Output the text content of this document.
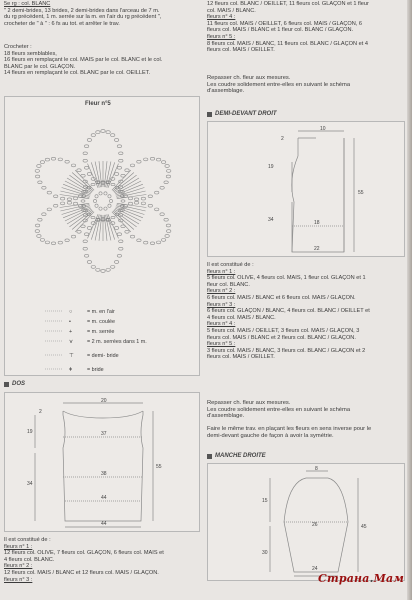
5e rg : col. BLANC

" 2 demi-brides, 13 brides, 2 demi-brides dans l'arceau de 7 m.

du rg précédent, 1 m. serrée sur la m. en l'air du rg précédent ",

crocheter de " à " : 6 fs au tot. et arrêter le trav.

Crocheter :

18 fleurs semblables,

16 fleurs en remplaçant le col. MAÏS par le col. BLANC et le col.

BLANC par le col. GLAÇON.

14 fleurs en remplaçant le col. BLANC par le col. OEILLET.

Fleur n°5
○	= m. en l'air
•	= m. coulée
+	= m. serrée
⋎	= 2 m. serrées dans 1 m.
⊤ = demi- bride
ǂ	= bride
DOS
20
2
37
38
44
44
19
34
55

Il est constitué de :

fleurs n° 1 :

12 fleurs col. OLIVE, 7 fleurs col. GLAÇON, 6 fleurs col. MAÏS et

4 fleurs col. BLANC.

fleurs n° 2 :

12 fleurs col. MAÏS / BLANC et 12 fleurs col. MAÏS / GLAÇON.

fleurs n° 3 :

12 fleurs col. BLANC / OEILLET, 11 fleurs col. GLAÇON et 1 fleur

col. MAÏS / BLANC.

fleurs n° 4 :

11 fleurs col. MAÏS / OEILLET, 6 fleurs col. MAÏS / GLAÇON, 6

fleurs col. MAÏS / BLANC et 1 fleur col. BLANC / GLAÇON.

fleurs n° 5 :

8 fleurs col. MAÏS / BLANC, 11 fleurs col. BLANC / GLAÇON et 4

fleurs col. MAÏS / OEILLET.

Repasser ch. fleur aux mesures.

Les coudre solidement entre-elles en suivant le schéma

d'assemblage.

DEMI-DEVANT DROIT
10
2
19
34	18
22
55

Il est constitué de :

fleurs n° 1 :

5 fleurs col. OLIVE, 4 fleurs col. MAÏS, 1 fleur col. GLAÇON et 1

fleur col. BLANC.

fleurs n° 2 :

6 fleurs col. MAÏS / BLANC et 6 fleurs col. MAÏS / GLAÇON.

fleurs n° 3 :

6 fleurs col. GLAÇON / BLANC, 4 fleurs col. BLANC / OEILLET et

4 fleurs col. MAÏS / BLANC.

fleurs n° 4 :

5 fleurs col. MAÏS / OEILLET, 3 fleurs col. MAÏS / GLAÇON, 3

fleurs col. MAÏS / BLANC et 2 fleurs col. BLANC / GLAÇON.

fleurs n° 5 :

3 fleurs col. MAÏS / BLANC, 3 fleurs col. BLANC / GLAÇON et 2

fleurs col. MAÏS / OEILLET.

Repasser ch. fleur aux mesures.

Les coudre solidement entre-elles en suivant le schéma

d'assemblage.

Faire le même trav. en plaçant les fleurs en sens inverse pour le

demi-devant gauche de façon à avoir la symétrie.

MANCHE DROITE
8
15
26
30
45
24
Страна.Мам
